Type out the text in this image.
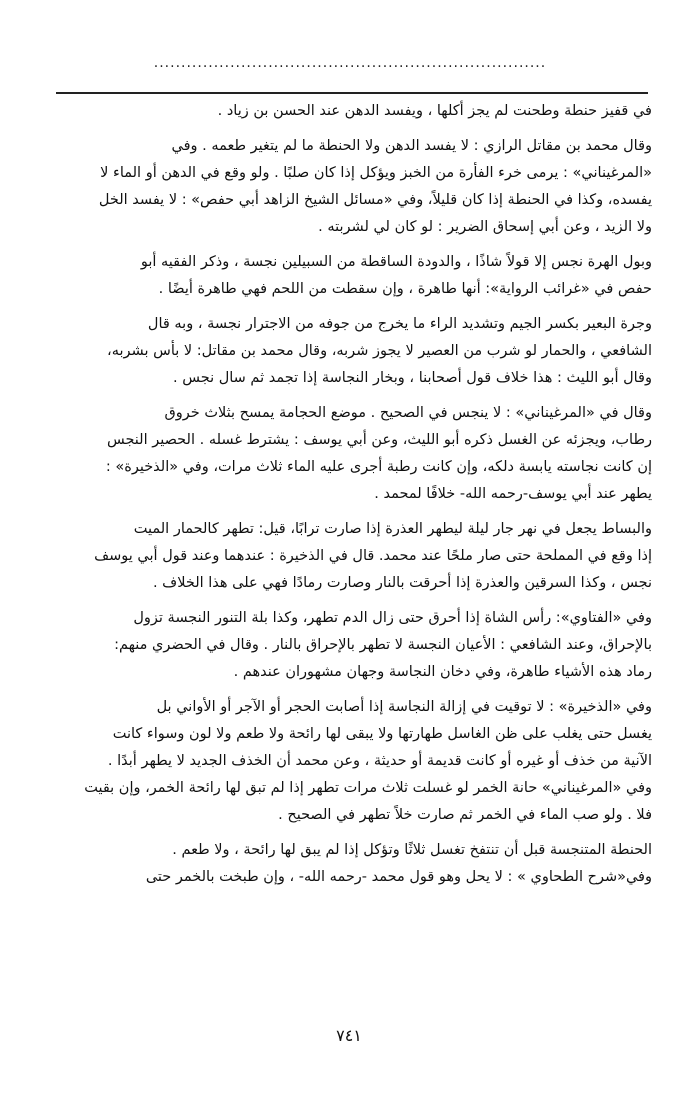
........................................................................

في قفيز حنطة وطحنت لم يجز أكلها ، ويفسد الدهن عند الحسن بن زياد .

وقال محمد بن مقاتل الرازي : لا يفسد الدهن ولا الحنطة ما لم يتغير طعمه . وفي
«المرغيناني» : يرمى خرء الفأرة من الخبز ويؤكل إذا كان صلبًا . ولو وقع في الدهن أو الماء لا
يفسده، وكذا في الحنطة إذا كان قليلاً، وفي «مسائل الشيخ الزاهد أبي حفص» : لا يفسد الخل
ولا الزيد ، وعن أبي إسحاق الضرير : لو كان لي لشربته .

وبول الهرة نجس إلا قولاً شاذًا ، والدودة الساقطة من السبيلين نجسة ، وذكر الفقيه أبو
حفص في «غرائب الرواية»: أنها طاهرة ، وإن سقطت من اللحم فهي طاهرة أيضًا .

وجرة البعير بكسر الجيم وتشديد الراء ما يخرج من جوفه من الاجترار نجسة ، وبه قال
الشافعي ، والحمار لو شرب من العصير لا يجوز شربه، وقال محمد بن مقاتل: لا بأس بشربه،
وقال أبو الليث : هذا خلاف قول أصحابنا ، وبخار النجاسة إذا تجمد ثم سال نجس .

وقال في «المرغيناني» : لا ينجس في الصحيح . موضع الحجامة يمسح بثلاث خروق
رطاب، ويجزئه عن الغسل ذكره أبو الليث، وعن أبي يوسف : يشترط غسله . الحصير النجس
إن كانت نجاسته يابسة دلكه، وإن كانت رطبة أجرى عليه الماء ثلاث مرات، وفي «الذخيرة» :
يطهر عند أبي يوسف-رحمه الله- خلافًا لمحمد .

والبساط يجعل في نهر جار ليلة ليطهر العذرة إذا صارت ترابًا، قيل: تطهر كالحمار الميت
إذا وقع في المملحة حتى صار ملحًا عند محمد. قال في الذخيرة : عندهما وعند قول أبي يوسف
نجس ، وكذا السرقين والعذرة إذا أحرقت بالنار وصارت رمادًا فهي على هذا الخلاف .

وفي «الفتاوي»: رأس الشاة إذا أحرق حتى زال الدم تطهر، وكذا بلة التنور النجسة تزول
بالإحراق، وعند الشافعي : الأعيان النجسة لا تطهر بالإحراق بالنار . وقال في الحضري منهم:
رماد هذه الأشياء طاهرة، وفي دخان النجاسة وجهان مشهوران عندهم .

وفي «الذخيرة» : لا توقيت في إزالة النجاسة إذا أصابت الحجر أو الآجر أو الأواني بل
يغسل حتى يغلب على ظن الغاسل طهارتها ولا يبقى لها رائحة ولا طعم ولا لون وسواء كانت
الآنية من خذف أو غيره أو كانت قديمة أو حديثة ، وعن محمد أن الخذف الجديد لا يطهر أبدًا .
وفي «المرغيناني» حانة الخمر لو غسلت ثلاث مرات تطهر إذا لم تبق لها رائحة الخمر، وإن بقيت
فلا . ولو صب الماء في الخمر ثم صارت خلاً تطهر في الصحيح .

الحنطة المتنجسة قبل أن تنتفخ تغسل ثلاثًا وتؤكل إذا لم يبق لها رائحة ، ولا طعم .
وفي«شرح الطحاوي » : لا يحل وهو قول محمد -رحمه الله- ، وإن طبخت بالخمر حتى

٧٤١
